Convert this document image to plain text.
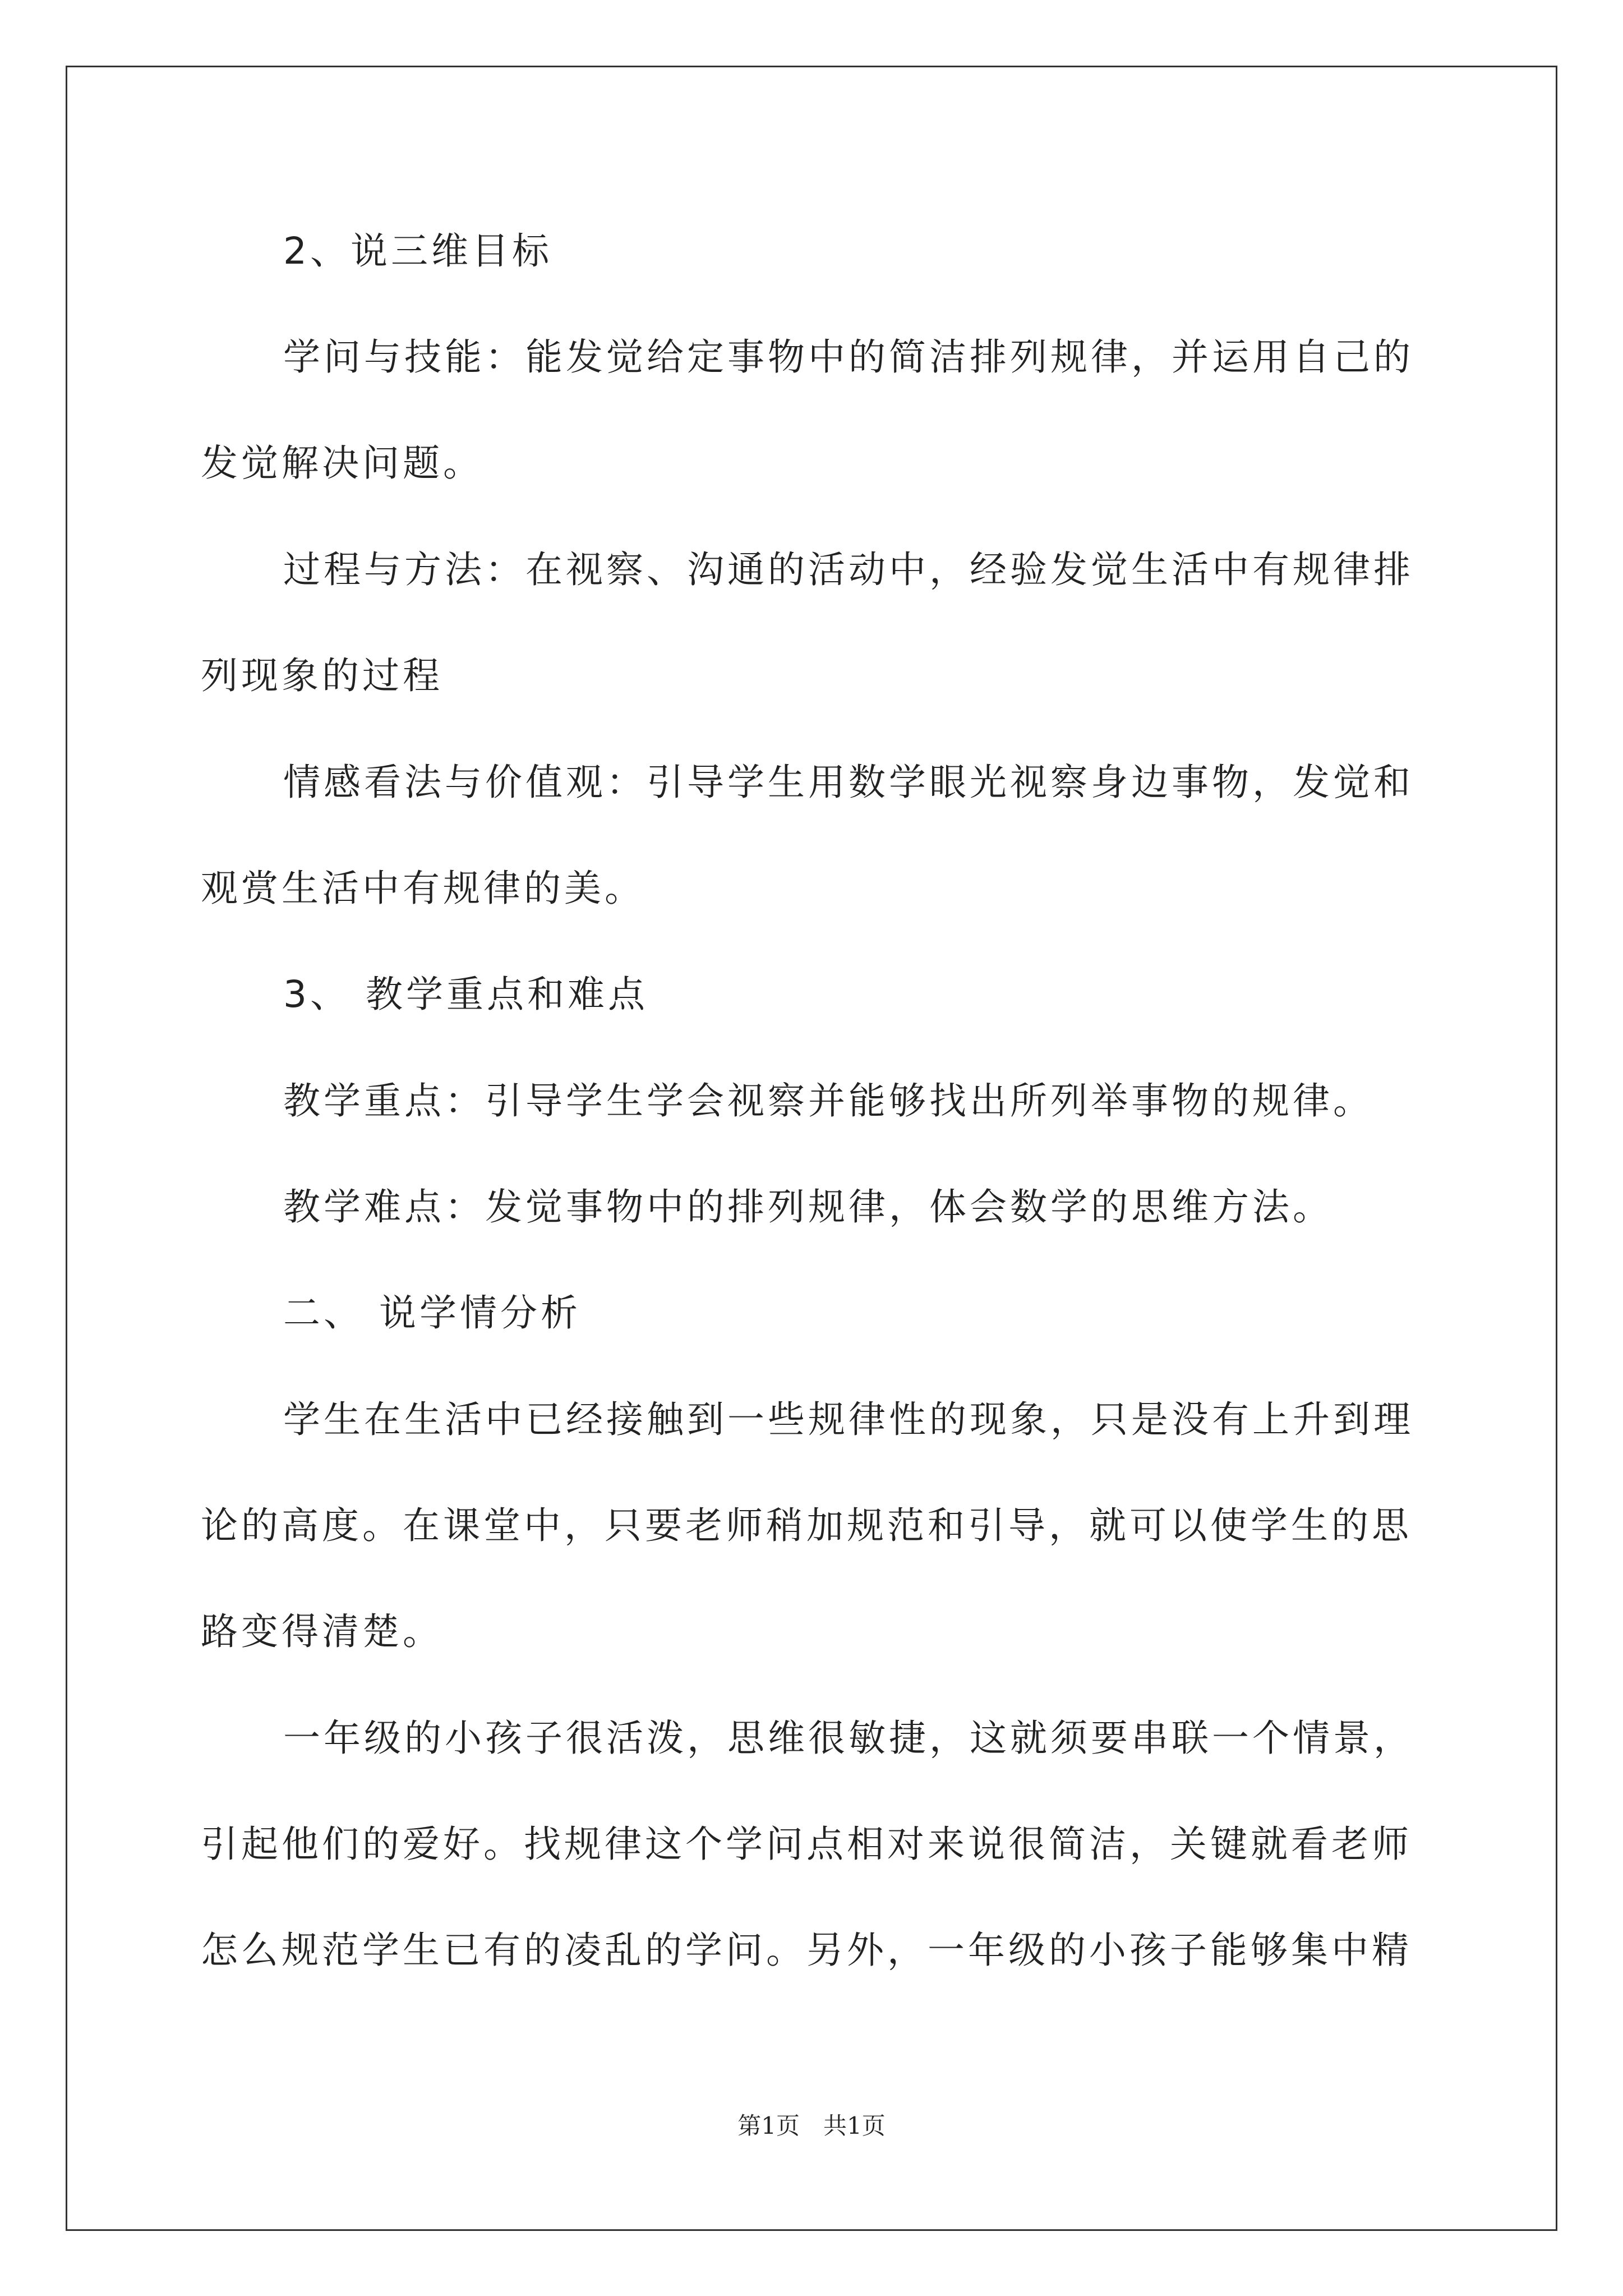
2、说三维目标
学问与技能：能发觉给定事物中的简洁排列规律，并运用自己的
发觉解决问题。
过程与方法：在视察、沟通的活动中，经验发觉生活中有规律排
列现象的过程
情感看法与价值观：引导学生用数学眼光视察身边事物，发觉和
观赏生活中有规律的美。
3、 教学重点和难点
教学重点：引导学生学会视察并能够找出所列举事物的规律。
教学难点：发觉事物中的排列规律，体会数学的思维方法。
二、 说学情分析
学生在生活中已经接触到一些规律性的现象，只是没有上升到理
论的高度。在课堂中，只要老师稍加规范和引导，就可以使学生的思
路变得清楚。
一年级的小孩子很活泼，思维很敏捷，这就须要串联一个情景，
引起他们的爱好。找规律这个学问点相对来说很简洁，关键就看老师
怎么规范学生已有的凌乱的学问。另外，一年级的小孩子能够集中精
第1页　共1页
